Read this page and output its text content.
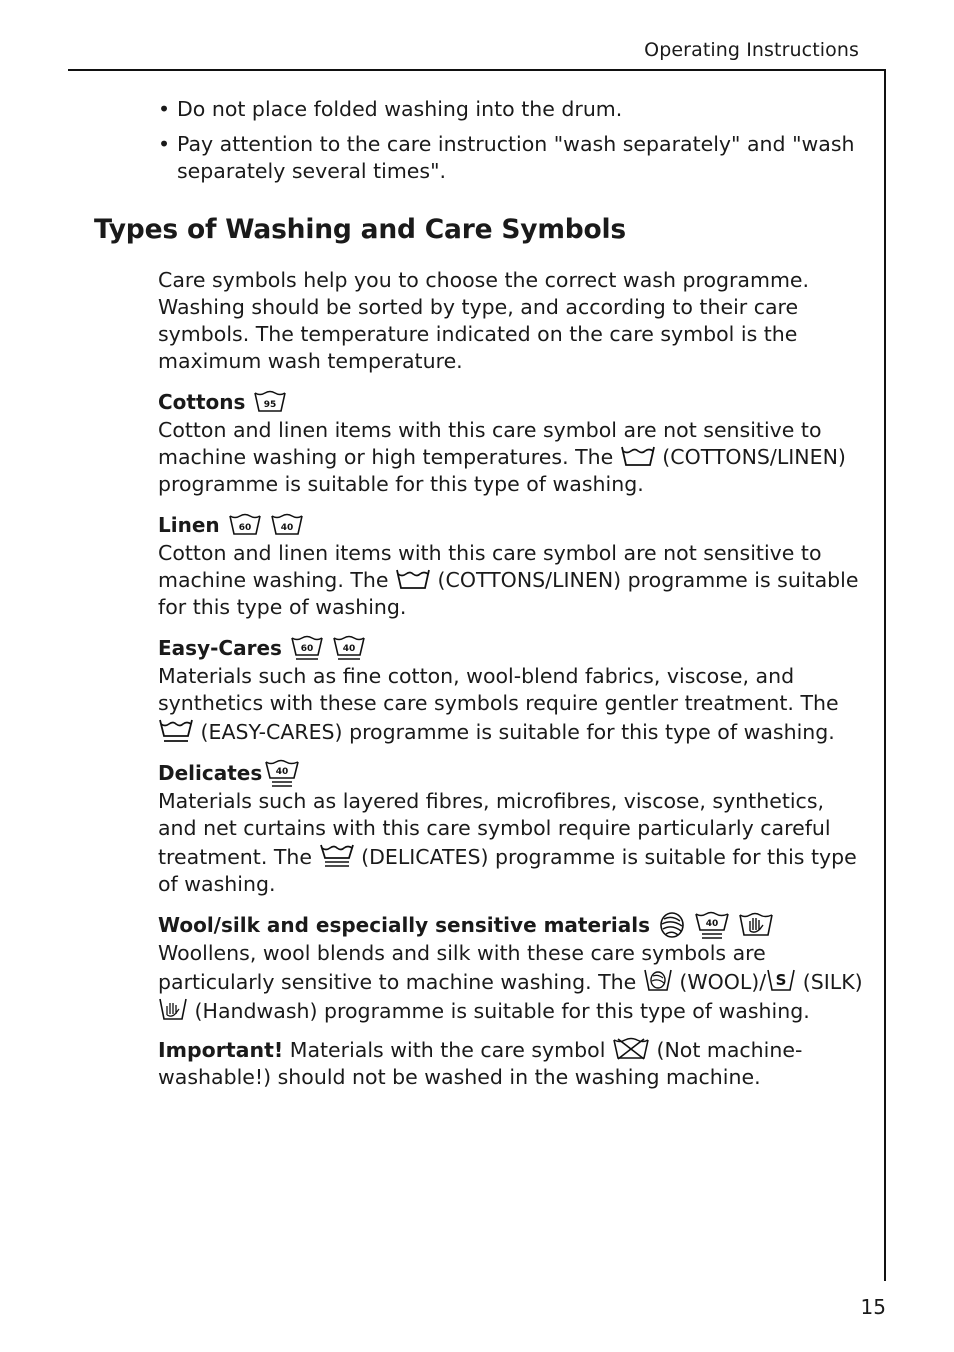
Operating Instructions
• Do not place folded washing into the drum.
• Pay attention to the care instruction "wash separately" and "wash separately several times".
Types of Washing and Care Symbols

Care symbols help you to choose the correct wash programme. Washing should be sorted by type, and according to their care symbols. The temperature indicated on the care symbol is the maximum wash temperature.

Cottons 95

Cotton and linen items with this care symbol are not sensitive to machine washing or high temperatures. The (COTTONS/LINEN) programme is suitable for this type of washing.

Linen 60	40

Cotton and linen items with this care symbol are not sensitive to machine washing. The (COTTONS/LINEN) programme is suitable for this type of washing.

Easy-Cares 60	40

Materials such as fine cotton, wool-blend fabrics, viscose, and synthetics with these care symbols require gentler treatment. The
(EASY-CARES) programme is suitable for this type of washing.

Delicates 40

Materials such as layered fibres, microfibres, viscose, synthetics, and net curtains with this care symbol require particularly careful treatment. The (DELICATES) programme is suitable for this type of washing.

Wool/silk and especially sensitive materials	40

Woollens, wool blends and silk with these care symbols are particularly sensitive to machine washing. The (WOOL)/ S (SILK)
(Handwash) programme is suitable for this type of washing.

Important! Materials with the care symbol (Not machine-washable!) should not be washed in the washing machine.

15
